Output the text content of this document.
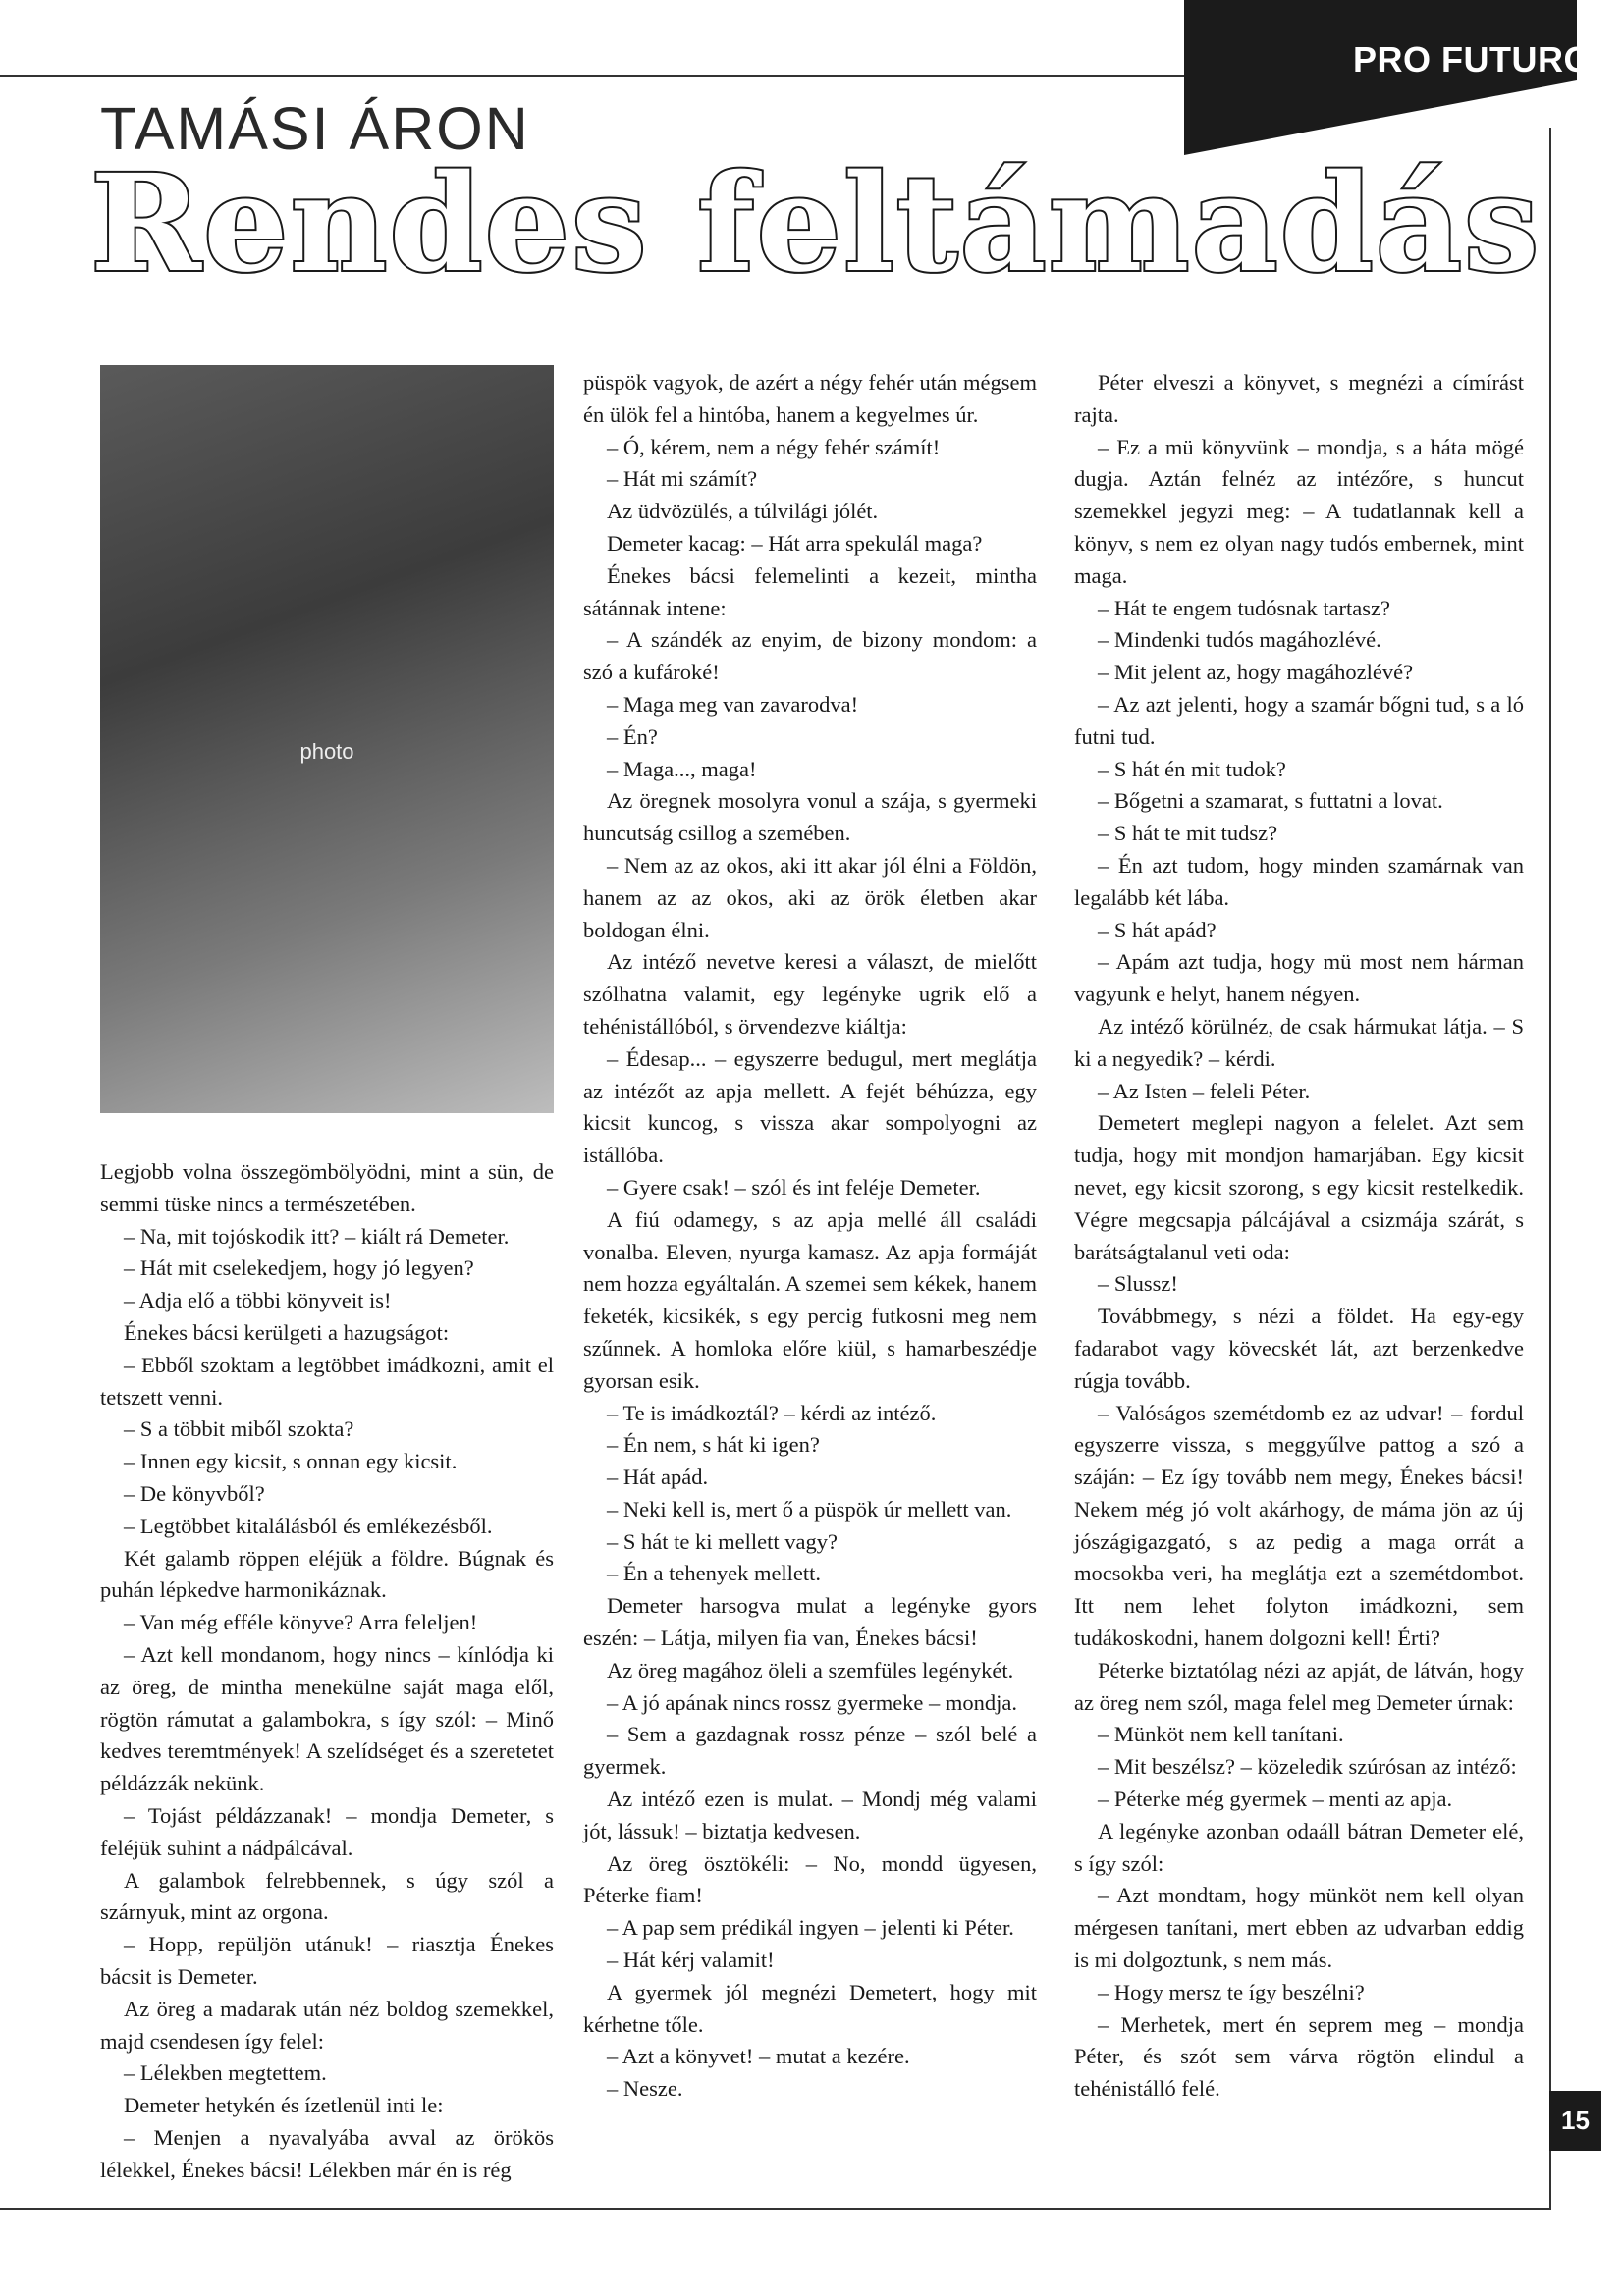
PRO FUTURO
TAMÁSI ÁRON
Rendes feltámadás
photo

Legjobb volna összegömbölyödni, mint a sün, de semmi tüske nincs a természetében.

– Na, mit tojóskodik itt? – kiált rá Demeter.

– Hát mit cselekedjem, hogy jó legyen?

– Adja elő a többi könyveit is!

Énekes bácsi kerülgeti a hazugságot:

– Ebből szoktam a legtöbbet imádkozni, amit el tetszett venni.

– S a többit miből szokta?

– Innen egy kicsit, s onnan egy kicsit.

– De könyvből?

– Legtöbbet kitalálásból és emlékezésből.

Két galamb röppen eléjük a földre. Búgnak és puhán lépkedve harmonikáznak.

– Van még efféle könyve? Arra feleljen!

– Azt kell mondanom, hogy nincs – kínlódja ki az öreg, de mintha menekülne saját maga elől, rögtön rámutat a galambokra, s így szól: – Minő kedves teremtmények! A szelídséget és a szeretetet példázzák nekünk.

– Tojást példázzanak! – mondja Demeter, s feléjük suhint a nádpálcával.

A galambok felrebbennek, s úgy szól a szárnyuk, mint az orgona.

– Hopp, repüljön utánuk! – riasztja Énekes bácsit is Demeter.

Az öreg a madarak után néz boldog szemekkel, majd csendesen így felel:

– Lélekben megtettem.

Demeter hetykén és ízetlenül inti le:

– Menjen a nyavalyába avval az örökös lélekkel, Énekes bácsi! Lélekben már én is rég

püspök vagyok, de azért a négy fehér után mégsem én ülök fel a hintóba, hanem a kegyelmes úr.

– Ó, kérem, nem a négy fehér számít!

– Hát mi számít?

Az üdvözülés, a túlvilági jólét.

Demeter kacag: – Hát arra spekulál maga?

Énekes bácsi felemelinti a kezeit, mintha sátánnak intene:

– A szándék az enyim, de bizony mondom: a szó a kufároké!

– Maga meg van zavarodva!

– Én?

– Maga..., maga!

Az öregnek mosolyra vonul a szája, s gyermeki huncutság csillog a szemében.

– Nem az az okos, aki itt akar jól élni a Földön, hanem az az okos, aki az örök életben akar boldogan élni.

Az intéző nevetve keresi a választ, de mielőtt szólhatna valamit, egy legényke ugrik elő a tehénistállóból, s örvendezve kiáltja:

– Édesap... – egyszerre bedugul, mert meglátja az intézőt az apja mellett. A fejét béhúzza, egy kicsit kuncog, s vissza akar sompolyogni az istállóba.

– Gyere csak! – szól és int feléje Demeter.

A fiú odamegy, s az apja mellé áll családi vonalba. Eleven, nyurga kamasz. Az apja formáját nem hozza egyáltalán. A szemei sem kékek, hanem feketék, kicsikék, s egy percig futkosni meg nem szűnnek. A homloka előre kiül, s hamarbeszédje gyorsan esik.

– Te is imádkoztál? – kérdi az intéző.

– Én nem, s hát ki igen?

– Hát apád.

– Neki kell is, mert ő a püspök úr mellett van.

– S hát te ki mellett vagy?

– Én a tehenyek mellett.

Demeter harsogva mulat a legényke gyors eszén: – Látja, milyen fia van, Énekes bácsi!

Az öreg magához öleli a szemfüles legénykét.

– A jó apának nincs rossz gyermeke – mondja.

– Sem a gazdagnak rossz pénze – szól belé a gyermek.

Az intéző ezen is mulat. – Mondj még valami jót, lássuk! – biztatja kedvesen.

Az öreg ösztökéli: – No, mondd ügyesen, Péterke fiam!

– A pap sem prédikál ingyen – jelenti ki Péter.

– Hát kérj valamit!

A gyermek jól megnézi Demetert, hogy mit kérhetne tőle.

– Azt a könyvet! – mutat a kezére.

– Nesze.

Péter elveszi a könyvet, s megnézi a címírást rajta.

– Ez a mü könyvünk – mondja, s a háta mögé dugja. Aztán felnéz az intézőre, s huncut szemekkel jegyzi meg: – A tudatlannak kell a könyv, s nem ez olyan nagy tudós embernek, mint maga.

– Hát te engem tudósnak tartasz?

– Mindenki tudós magáhozlévé.

– Mit jelent az, hogy magáhozlévé?

– Az azt jelenti, hogy a szamár bőgni tud, s a ló futni tud.

– S hát én mit tudok?

– Bőgetni a szamarat, s futtatni a lovat.

– S hát te mit tudsz?

– Én azt tudom, hogy minden szamárnak van legalább két lába.

– S hát apád?

– Apám azt tudja, hogy mü most nem hárman vagyunk e helyt, hanem négyen.

Az intéző körülnéz, de csak hármukat látja. – S ki a negyedik? – kérdi.

– Az Isten – feleli Péter.

Demetert meglepi nagyon a felelet. Azt sem tudja, hogy mit mondjon hamarjában. Egy kicsit nevet, egy kicsit szorong, s egy kicsit restelkedik. Végre megcsapja pálcájával a csizmája szárát, s barátságtalanul veti oda:

– Slussz!

Továbbmegy, s nézi a földet. Ha egy-egy fadarabot vagy kövecskét lát, azt berzenkedve rúgja tovább.

– Valóságos szemétdomb ez az udvar! – fordul egyszerre vissza, s meggyűlve pattog a szó a száján: – Ez így tovább nem megy, Énekes bácsi! Nekem még jó volt akárhogy, de máma jön az új jószágigazgató, s az pedig a maga orrát a mocsokba veri, ha meglátja ezt a szemétdombot. Itt nem lehet folyton imádkozni, sem tudákoskodni, hanem dolgozni kell! Érti?

Péterke biztatólag nézi az apját, de látván, hogy az öreg nem szól, maga felel meg Demeter úrnak:

– Münköt nem kell tanítani.

– Mit beszélsz? – közeledik szúrósan az intéző:

– Péterke még gyermek – menti az apja.

A legényke azonban odaáll bátran Demeter elé, s így szól:

– Azt mondtam, hogy münköt nem kell olyan mérgesen tanítani, mert ebben az udvarban eddig is mi dolgoztunk, s nem más.

– Hogy mersz te így beszélni?

– Merhetek, mert én seprem meg – mondja Péter, és szót sem várva rögtön elindul a tehénistálló felé.

15
